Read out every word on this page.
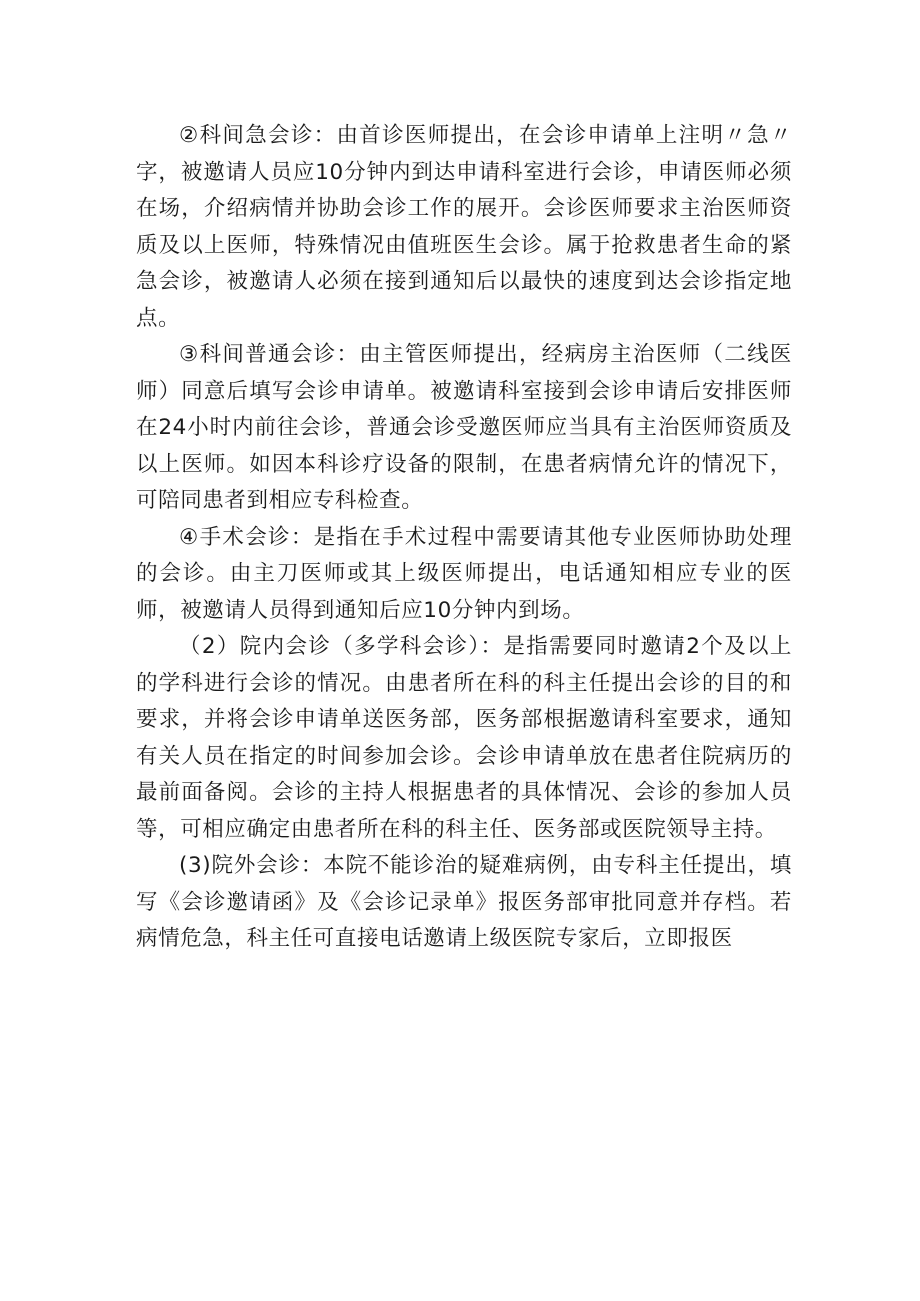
②科间急会诊：由首诊医师提出，在会诊申请单上注明〃急〃字，被邀请人员应10分钟内到达申请科室进行会诊，申请医师必须在场，介绍病情并协助会诊工作的展开。会诊医师要求主治医师资质及以上医师，特殊情况由值班医生会诊。属于抢救患者生命的紧急会诊，被邀请人必须在接到通知后以最快的速度到达会诊指定地点。

③科间普通会诊：由主管医师提出，经病房主治医师（二线医师）同意后填写会诊申请单。被邀请科室接到会诊申请后安排医师在24小时内前往会诊，普通会诊受邀医师应当具有主治医师资质及以上医师。如因本科诊疗设备的限制，在患者病情允许的情况下，可陪同患者到相应专科检查。

④手术会诊：是指在手术过程中需要请其他专业医师协助处理的会诊。由主刀医师或其上级医师提出，电话通知相应专业的医师，被邀请人员得到通知后应10分钟内到场。

（2）院内会诊（多学科会诊）：是指需要同时邀请2个及以上的学科进行会诊的情况。由患者所在科的科主任提出会诊的目的和要求，并将会诊申请单送医务部，医务部根据邀请科室要求，通知有关人员在指定的时间参加会诊。会诊申请单放在患者住院病历的最前面备阅。会诊的主持人根据患者的具体情况、会诊的参加人员等，可相应确定由患者所在科的科主任、医务部或医院领导主持。

(3)院外会诊：本院不能诊治的疑难病例，由专科主任提出，填写《会诊邀请函》及《会诊记录单》报医务部审批同意并存档。若病情危急，科主任可直接电话邀请上级医院专家后，立即报医
